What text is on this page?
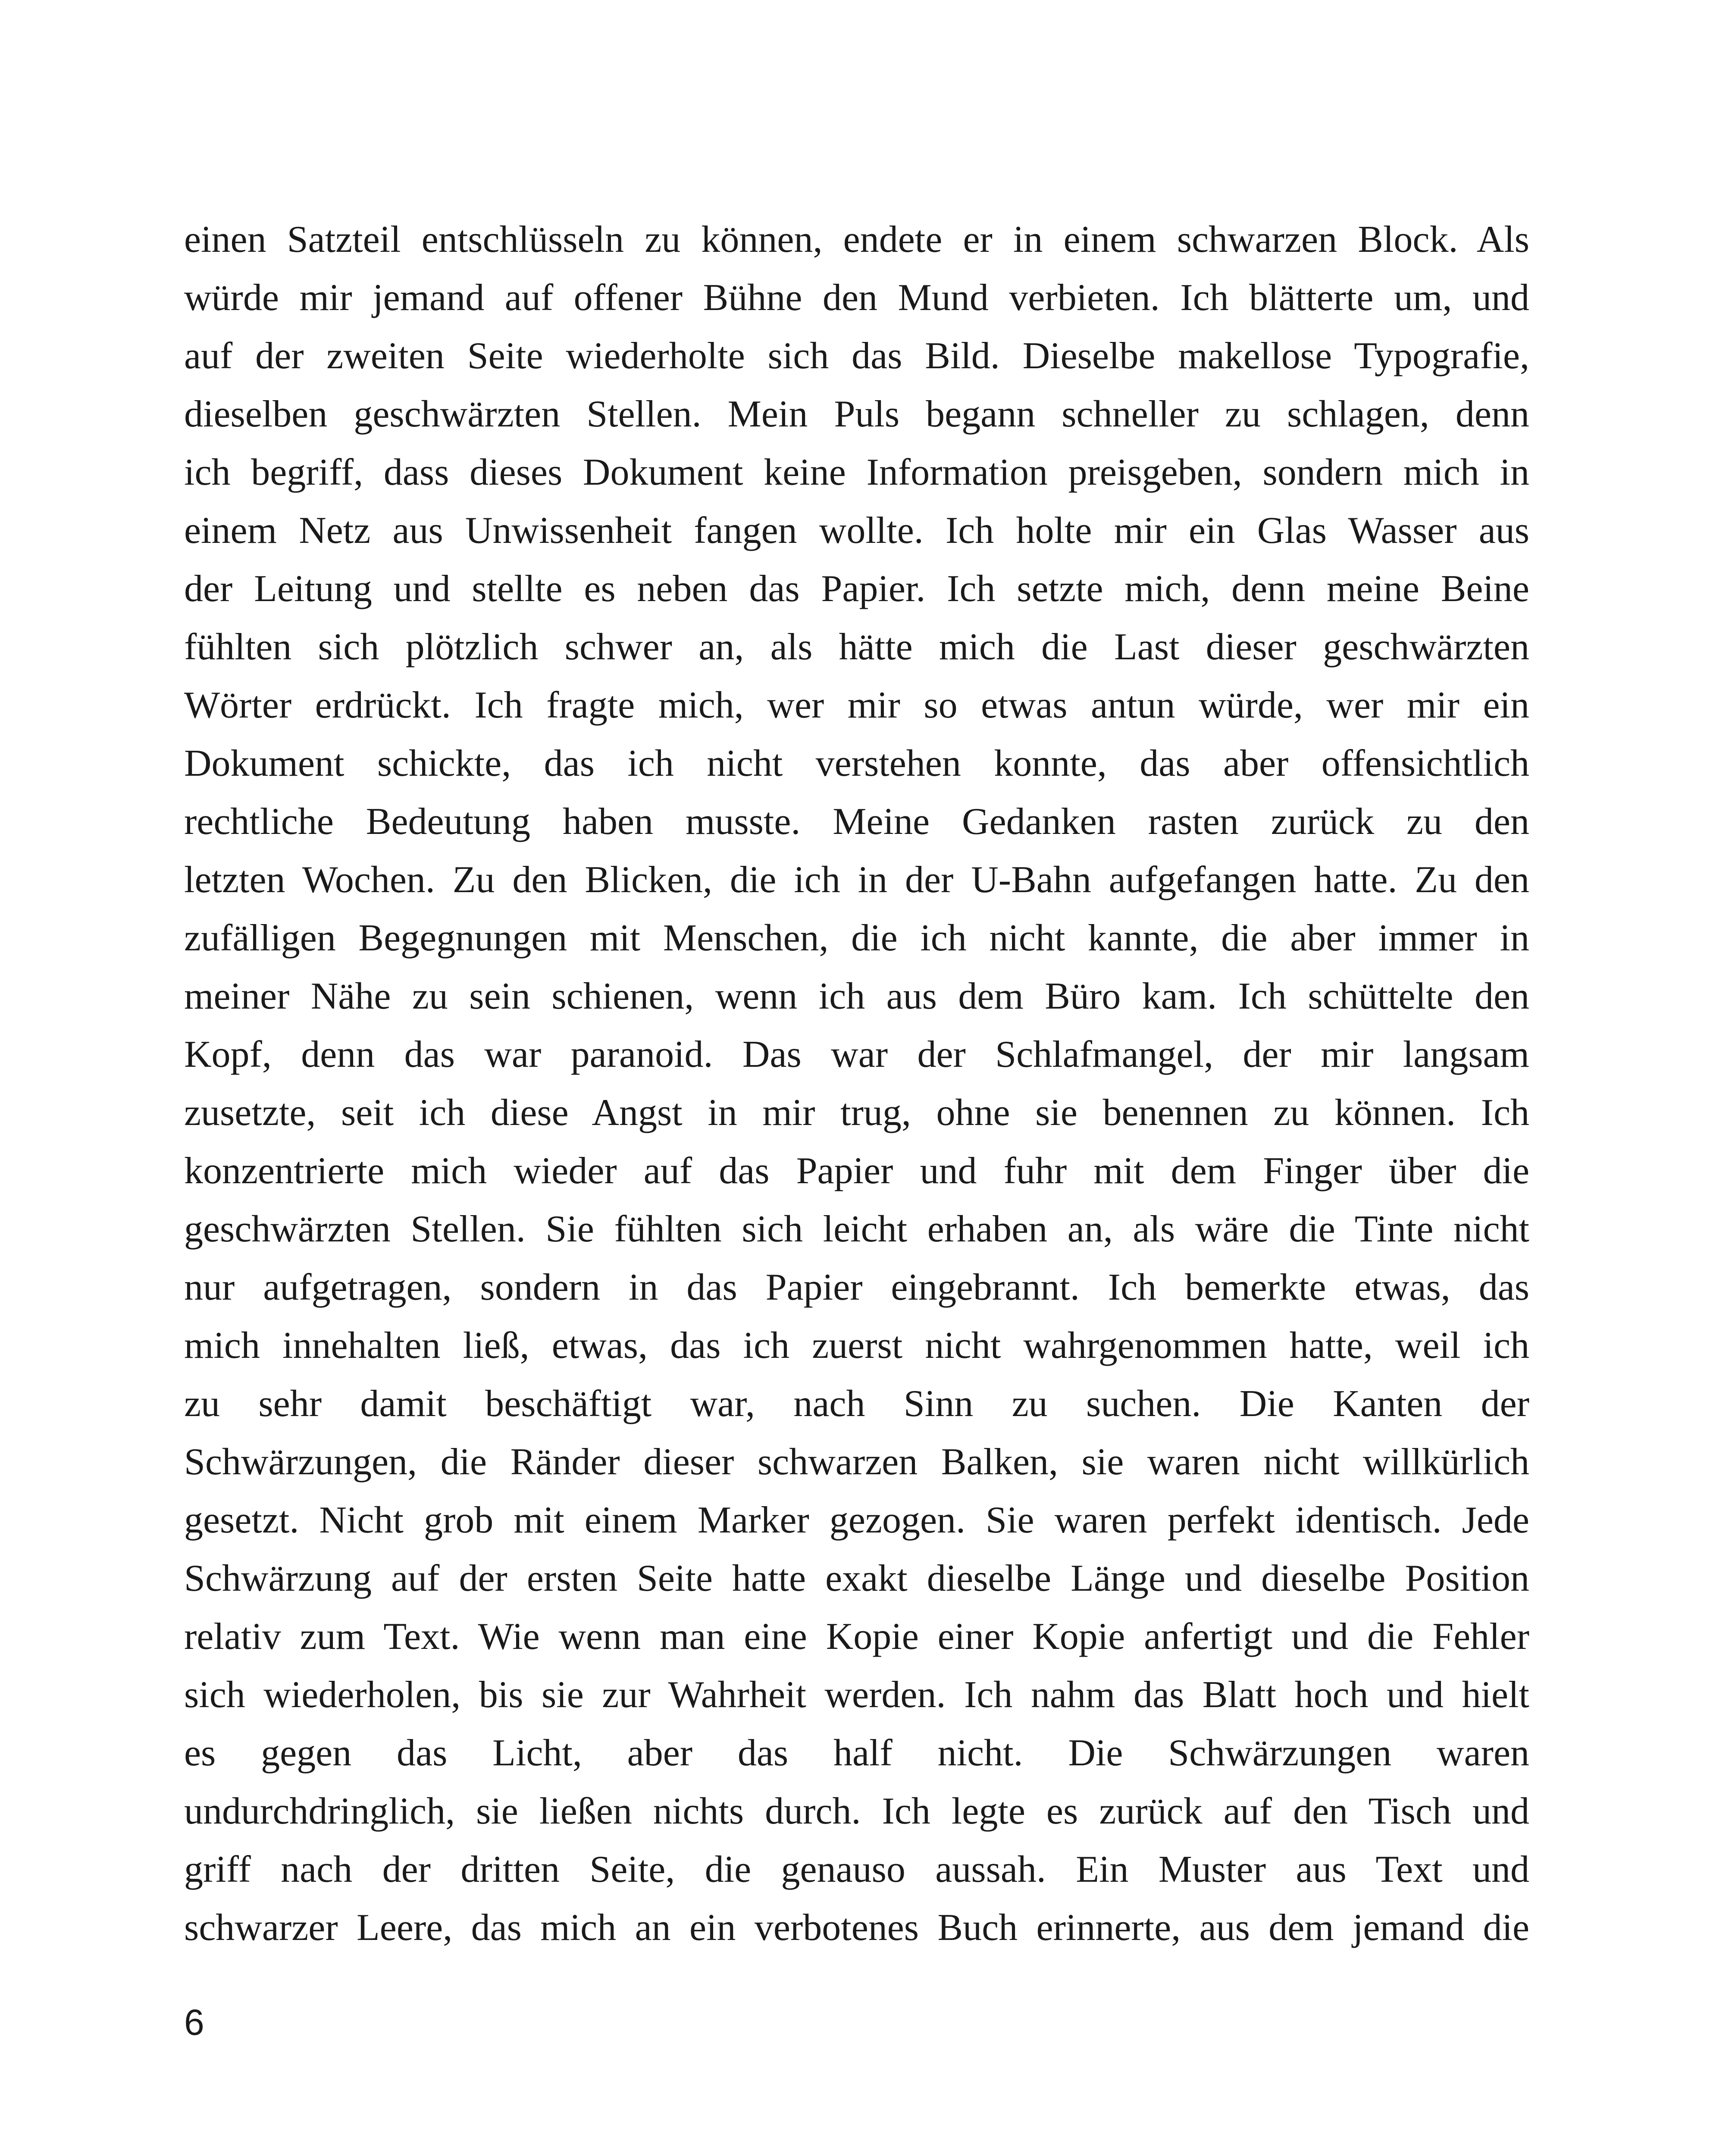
einen Satzteil entschlüsseln zu können, endete er in einem schwarzen Block. Als
würde mir jemand auf offener Bühne den Mund verbieten. Ich blätterte um, und
auf der zweiten Seite wiederholte sich das Bild. Dieselbe makellose Typografie,
dieselben geschwärzten Stellen. Mein Puls begann schneller zu schlagen, denn
ich begriff, dass dieses Dokument keine Information preisgeben, sondern mich in
einem Netz aus Unwissenheit fangen wollte. Ich holte mir ein Glas Wasser aus
der Leitung und stellte es neben das Papier. Ich setzte mich, denn meine Beine
fühlten sich plötzlich schwer an, als hätte mich die Last dieser geschwärzten
Wörter erdrückt. Ich fragte mich, wer mir so etwas antun würde, wer mir ein
Dokument schickte, das ich nicht verstehen konnte, das aber offensichtlich
rechtliche Bedeutung haben musste. Meine Gedanken rasten zurück zu den
letzten Wochen. Zu den Blicken, die ich in der U-Bahn aufgefangen hatte. Zu den
zufälligen Begegnungen mit Menschen, die ich nicht kannte, die aber immer in
meiner Nähe zu sein schienen, wenn ich aus dem Büro kam. Ich schüttelte den
Kopf, denn das war paranoid. Das war der Schlafmangel, der mir langsam
zusetzte, seit ich diese Angst in mir trug, ohne sie benennen zu können. Ich
konzentrierte mich wieder auf das Papier und fuhr mit dem Finger über die
geschwärzten Stellen. Sie fühlten sich leicht erhaben an, als wäre die Tinte nicht
nur aufgetragen, sondern in das Papier eingebrannt. Ich bemerkte etwas, das
mich innehalten ließ, etwas, das ich zuerst nicht wahrgenommen hatte, weil ich
zu sehr damit beschäftigt war, nach Sinn zu suchen. Die Kanten der
Schwärzungen, die Ränder dieser schwarzen Balken, sie waren nicht willkürlich
gesetzt. Nicht grob mit einem Marker gezogen. Sie waren perfekt identisch. Jede
Schwärzung auf der ersten Seite hatte exakt dieselbe Länge und dieselbe Position
relativ zum Text. Wie wenn man eine Kopie einer Kopie anfertigt und die Fehler
sich wiederholen, bis sie zur Wahrheit werden. Ich nahm das Blatt hoch und hielt
es gegen das Licht, aber das half nicht. Die Schwärzungen waren
undurchdringlich, sie ließen nichts durch. Ich legte es zurück auf den Tisch und
griff nach der dritten Seite, die genauso aussah. Ein Muster aus Text und
schwarzer Leere, das mich an ein verbotenes Buch erinnerte, aus dem jemand die
6
